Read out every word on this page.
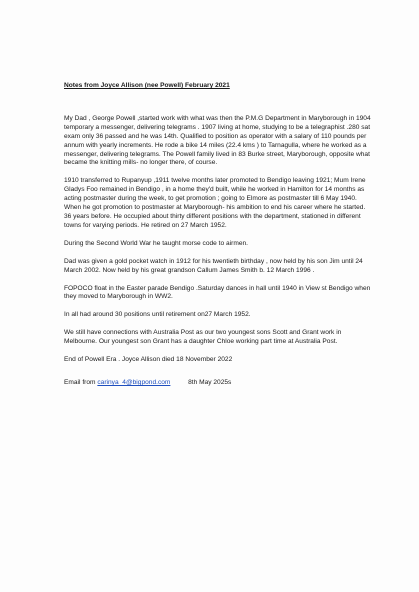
Notes from Joyce Allison (nee Powell) February 2021

My Dad , George Powell ,started work with what was then the P.M.G Department in Maryborough in 1904 temporary a messenger, delivering telegrams . 1907 living at home, studying to be a telegraphist .280 sat exam only 36 passed and he was 14th. Qualified to position as operator with a salary of 110 pounds per annum with yearly increments. He rode a bike 14 miles (22.4 kms ) to Tarnagulla, where he worked as a messenger, delivering telegrams. The Powell family lived in 83 Burke street, Maryborough, opposite what became the knitting mills- no longer there, of course.

1910 transferred to Rupanyup ,1911 twelve months later promoted to Bendigo leaving 1921; Mum Irene Gladys Foo remained in Bendigo , in a home they'd built, while he worked in Hamilton for 14 months as acting postmaster during the week, to get promotion ; going to Elmore as postmaster till 6 May 1940. When he got promotion to postmaster at Maryborough- his ambition to end his career where he started. 36 years before. He occupied about thirty different positions with the department, stationed in different towns for varying periods. He retired on 27 March 1952.

During the Second World War he taught morse code to airmen.

Dad was given a gold pocket watch in 1912 for his twentieth birthday , now held by his son Jim until 24 March 2002. Now held by his great grandson Callum James Smith b. 12 March 1996 .

FOPOCO float in the Easter parade Bendigo .Saturday dances in hall until 1940 in View st Bendigo when they moved to Maryborough in WW2.

In all had around 30 positions until retirement on27 March 1952.

We still have connections with Australia Post as our two youngest sons Scott and Grant work in Melbourne. Our youngest son Grant has a daughter Chloe working part time at Australia Post.

End of Powell Era . Joyce Allison died 18 November 2022

Email from carinya_4@bigpond.com	8th May 2025s
